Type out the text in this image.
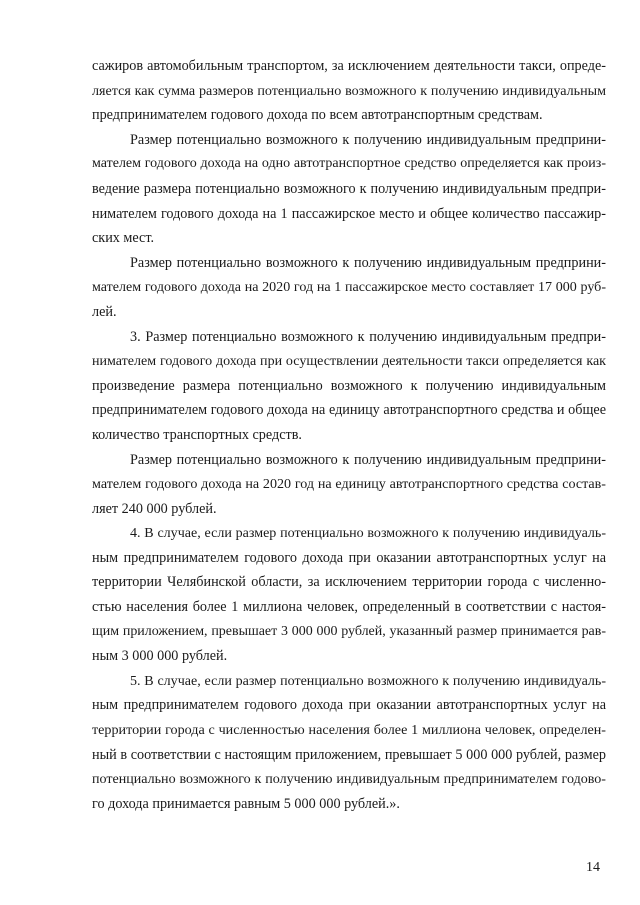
сажиров автомобильным транспортом, за исключением деятельности такси, опреде-
ляется как сумма размеров потенциально возможного к получению индивидуальным
предпринимателем годового дохода по всем автотранспортным средствам.
Размер потенциально возможного к получению индивидуальным предприни-
мателем годового дохода на одно автотранспортное средство определяется как произ-
ведение размера потенциально возможного к получению индивидуальным предпри-
нимателем годового дохода на 1 пассажирское место и общее количество пассажир-
ских мест.
Размер потенциально возможного к получению индивидуальным предприни-
мателем годового дохода на 2020 год на 1 пассажирское место составляет 17 000 руб-
лей.
3. Размер потенциально возможного к получению индивидуальным предпри-
нимателем годового дохода при осуществлении деятельности такси определяется как
произведение размера потенциально возможного к получению индивидуальным
предпринимателем годового дохода на единицу автотранспортного средства и общее
количество транспортных средств.
Размер потенциально возможного к получению индивидуальным предприни-
мателем годового дохода на 2020 год на единицу автотранспортного средства состав-
ляет 240 000 рублей.
4. В случае, если размер потенциально возможного к получению индивидуаль-
ным предпринимателем годового дохода при оказании автотранспортных услуг на
территории Челябинской области, за исключением территории города с численно-
стью населения более 1 миллиона человек, определенный в соответствии с настоя-
щим приложением, превышает 3 000 000 рублей, указанный размер принимается рав-
ным 3 000 000 рублей.
5. В случае, если размер потенциально возможного к получению индивидуаль-
ным предпринимателем годового дохода при оказании автотранспортных услуг на
территории города с численностью населения более 1 миллиона человек, определен-
ный в соответствии с настоящим приложением, превышает 5 000 000 рублей, размер
потенциально возможного к получению индивидуальным предпринимателем годово-
го дохода принимается равным 5 000 000 рублей.».
14
